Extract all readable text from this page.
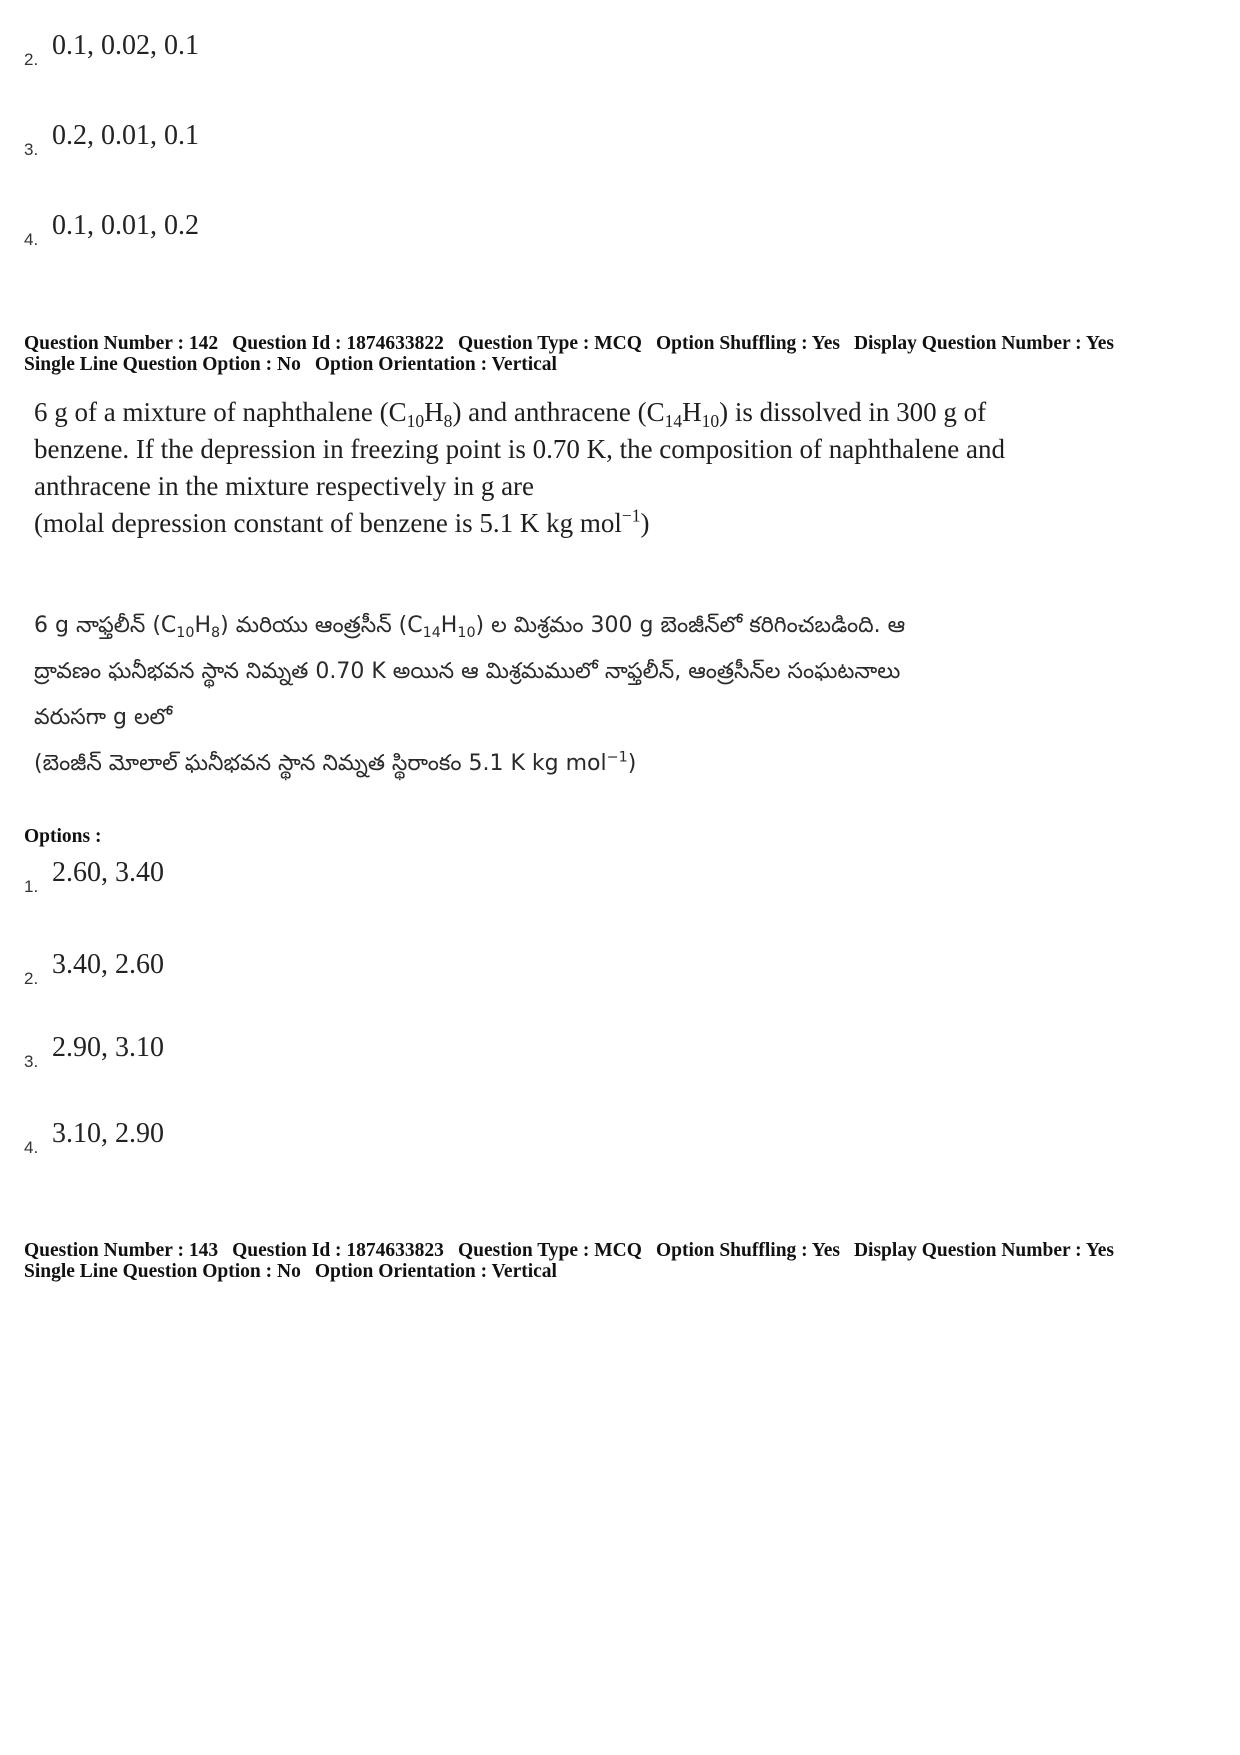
2. 0.1, 0.02, 0.1
3. 0.2, 0.01, 0.1
4. 0.1, 0.01, 0.2
Question Number : 142 Question Id : 1874633822 Question Type : MCQ Option Shuffling : Yes Display Question Number : Yes
Single Line Question Option : No Option Orientation : Vertical
6 g of a mixture of naphthalene $(C_{10}H_8)$ and anthracene $(C_{14}H_{10})$ is dissolved in 300 g of
benzene. If the depression in freezing point is 0.70 K, the composition of naphthalene and
anthracene in the mixture respectively in g are
(molal depression constant of benzene is 5.1 K kg mol$^{-1}$)
6 g నాఫ్తలీన్ $(C_{10}H_8)$ మరియు ఆంత్రసీన్ $(C_{14}H_{10})$ ల మిశ్రమం 300 g బెంజీన్‌లో కరిగించబడింది. ఆ
ద్రావణం ఘనీభవన స్థాన నిమ్నత 0.70 K అయిన ఆ మిశ్రమములో నాఫ్తలీన్, ఆంత్రసీన్‌ల సంఘటనాలు
వరుసగా g లలో
(బెంజీన్ మోలాల్ ఘనీభవన స్థాన నిమ్నత స్థిరాంకం 5.1 K kg mol$^{-1}$)
Options :
1. 2.60, 3.40
2. 3.40, 2.60
3. 2.90, 3.10
4. 3.10, 2.90
Question Number : 143 Question Id : 1874633823 Question Type : MCQ Option Shuffling : Yes Display Question Number : Yes
Single Line Question Option : No Option Orientation : Vertical
